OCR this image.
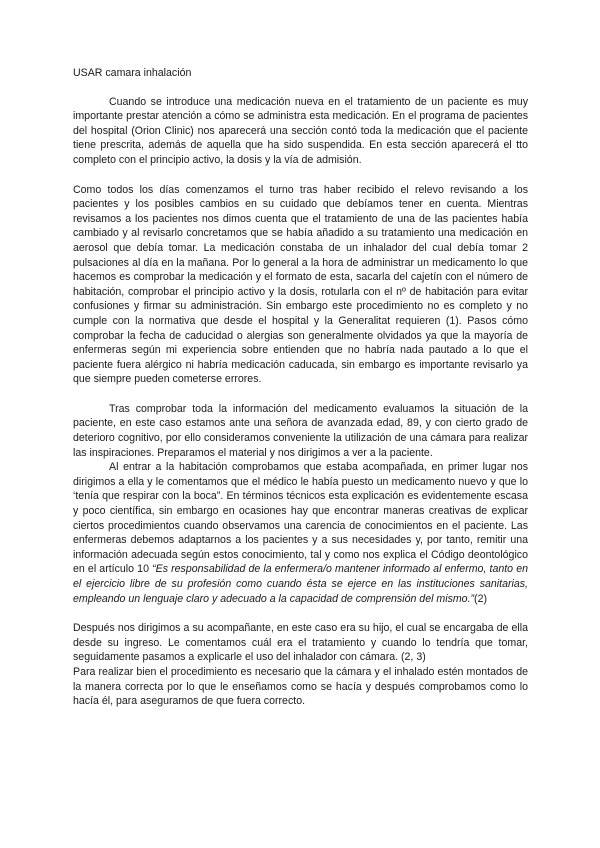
USAR camara inhalación

Cuando se introduce una medicación nueva en el tratamiento de un paciente es muy importante prestar atención a cómo se administra esta medicación. En el programa de pacientes del hospital (Orion Clinic) nos aparecerá una sección contó toda la medicación que el paciente tiene prescrita, además de aquella que ha sido suspendida. En esta sección aparecerá el tto completo con el principio activo, la dosis y la vía de admisión.

Como todos los días comenzamos el turno tras haber recibido el relevo revisando a los pacientes y los posibles cambios en su cuidado que debíamos tener en cuenta. Mientras revisamos a los pacientes nos dimos cuenta que el tratamiento de una de las pacientes había cambiado y al revisarlo concretamos que se había añadido a su tratamiento una medicación en aerosol que debía tomar. La medicación constaba de un inhalador del cual debía tomar 2 pulsaciones al día en la mañana. Por lo general a la hora de administrar un medicamento lo que hacemos es comprobar la medicación y el formato de esta, sacarla del cajetín con el número de habitación, comprobar el principio activo y la dosis, rotularla con el nº de habitación para evitar confusiones y firmar su administración. Sin embargo este procedimiento no es completo y no cumple con la normativa que desde el hospital y la Generalitat requieren (1). Pasos cómo comprobar la fecha de caducidad o alergias son generalmente olvidados ya que la mayoría de enfermeras según mi experiencia sobre entienden que no habría nada pautado a lo que el paciente fuera alérgico ni habría medicación caducada, sin embargo es importante revisarlo ya que siempre pueden cometerse errores.

Tras comprobar toda la información del medicamento evaluamos la situación de la paciente, en este caso estamos ante una señora de avanzada edad, 89, y con cierto grado de deterioro cognitivo, por ello consideramos conveniente la utilización de una cámara para realizar las inspiraciones. Preparamos el material y nos dirigimos a ver a la paciente.

Al entrar a la habitación comprobamos que estaba acompañada, en primer lugar nos dirigimos a ella y le comentamos que el médico le había puesto un medicamento nuevo y que lo ‘tenía que respirar con la boca”. En términos técnicos esta explicación es evidentemente escasa y poco científica, sin embargo en ocasiones hay que encontrar maneras creativas de explicar ciertos procedimientos cuando observamos una carencia de conocimientos en el paciente. Las enfermeras debemos adaptarnos a los pacientes y a sus necesidades y, por tanto, remitir una información adecuada según estos conocimiento, tal y como nos explica el Código deontológico en el artículo 10 “Es responsabilidad de la enfermera/o mantener informado al enfermo, tanto en el ejercicio libre de su profesión como cuando ésta se ejerce en las instituciones sanitarias, empleando un lenguaje claro y adecuado a la capacidad de comprensión del mismo.”(2)

Después nos dirigimos a su acompañante, en este caso era su hijo, el cual se encargaba de ella desde su ingreso. Le comentamos cuál era el tratamiento y cuando lo tendría que tomar, seguidamente pasamos a explicarle el uso del inhalador con cámara. (2, 3)

Para realizar bien el procedimiento es necesario que la cámara y el inhalado estén montados de la manera correcta por lo que le enseñamos como se hacía y después comprobamos como lo hacía él, para aseguramos de que fuera correcto.
